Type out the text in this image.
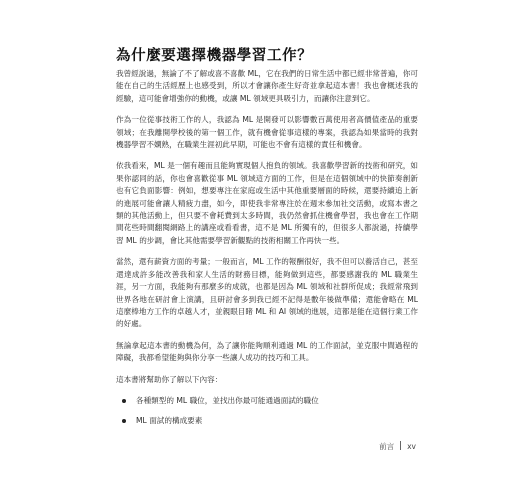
為什麼要選擇機器學習工作？

我曾經說過，無論了不了解或喜不喜歡 ML，它在我們的日常生活中都已經非常普遍，你可能在自己的生活經歷上也感受到，所以才會讓你產生好奇並拿起這本書！我也會概述我的經驗，這可能會增強你的動機，或讓 ML 領域更具吸引力，而讓你注意到它。

作為一位從事技術工作的人，我認為 ML 是開發可以影響數百萬使用者高價值產品的重要領域；在我離開學校後的第一個工作，就有機會從事這樣的專案，我認為如果當時的我對機器學習不嫻熟，在職業生涯初此早期，可能也不會有這樣的責任和機會。

依我看來，ML 是一個有趣而且能夠實現個人抱負的領域。我喜歡學習新的技術和研究，如果你認同的話，你也會喜歡從事 ML 領域這方面的工作，但是在這個領域中的快節奏創新也有它負面影響：例如，想要專注在家庭或生活中其他重要層面的時候，還要持續追上新的進展可能會讓人精疲力盡，如今，即使我非常專注於在週末參加社交活動，或寫本書之類的其他活動上，但只要不會耗費到太多時間，我仍然會抓住機會學習，我也會在工作期間花些時間翻閱網路上的講座或看看書，這不是 ML 所獨有的，但很多人都說過，持續學習 ML 的步調，會比其他需要學習新觀點的技術相關工作再快一些。

當然，還有薪資方面的考量；一般而言，ML 工作的報酬很好，我不但可以養活自己，甚至還達成許多能改善我和家人生活的財務目標，能夠做到這些，都要感謝我的 ML 職業生涯，另一方面，我能夠有那麼多的成就，也都是因為 ML 領域和社群所促成；我經常飛到世界各地在研討會上演講，且研討會多到我已經不記得是數年後做準備；還能會略在 ML 這麼棒地方工作的卓越人才，並親眼目睹 ML 和 AI 領域的進展，這都是能在這個行業工作的好處。

無論拿起這本書的動機為何，為了讓你能夠順利通過 ML 的工作面試，並克服中間過程的障礙，我都希望能夠與你分享一些讓人成功的技巧和工具。

這本書將幫助你了解以下內容：

各種類型的 ML 職位，並找出你最可能通過面試的職位
ML 面試的構成要素
前言 xv
